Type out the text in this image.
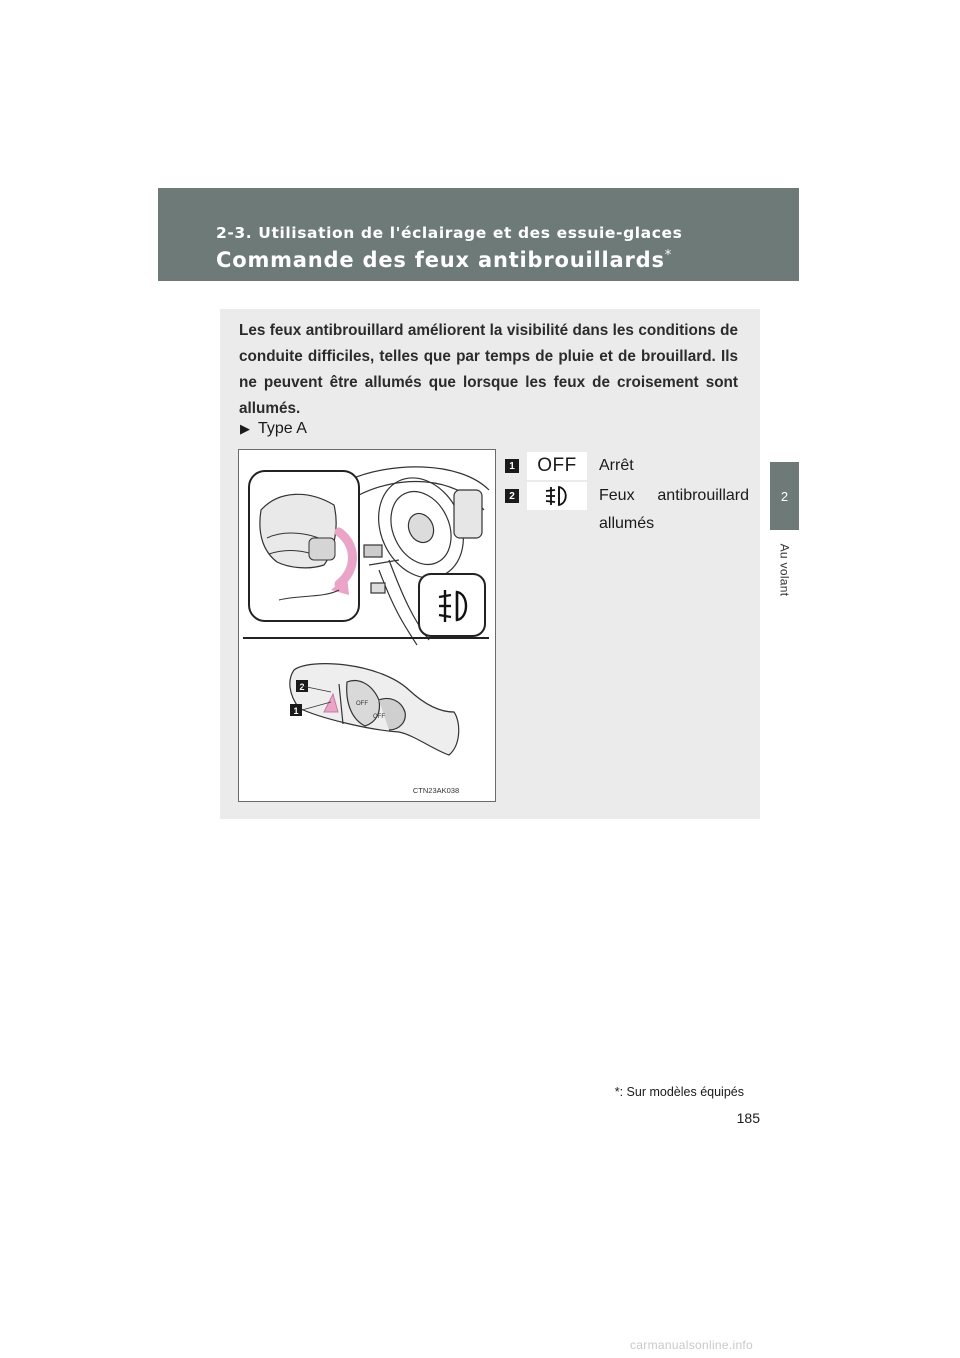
2-3. Utilisation de l'éclairage et des essuie-glaces
Commande des feux antibrouillards*
2
Au volant
Les feux antibrouillard améliorent la visibilité dans les conditions de conduite difficiles, telles que par temps de pluie et de brouillard. Ils ne peuvent être allumés que lorsque les feux de croisement sont allumés.
▶ Type A
OFF
OFF
2
1
CTN23AK038
1	OFF	Arrêt
2	Feux antibrouillard
allumés
*: Sur modèles équipés
185
carmanualsonline.info
